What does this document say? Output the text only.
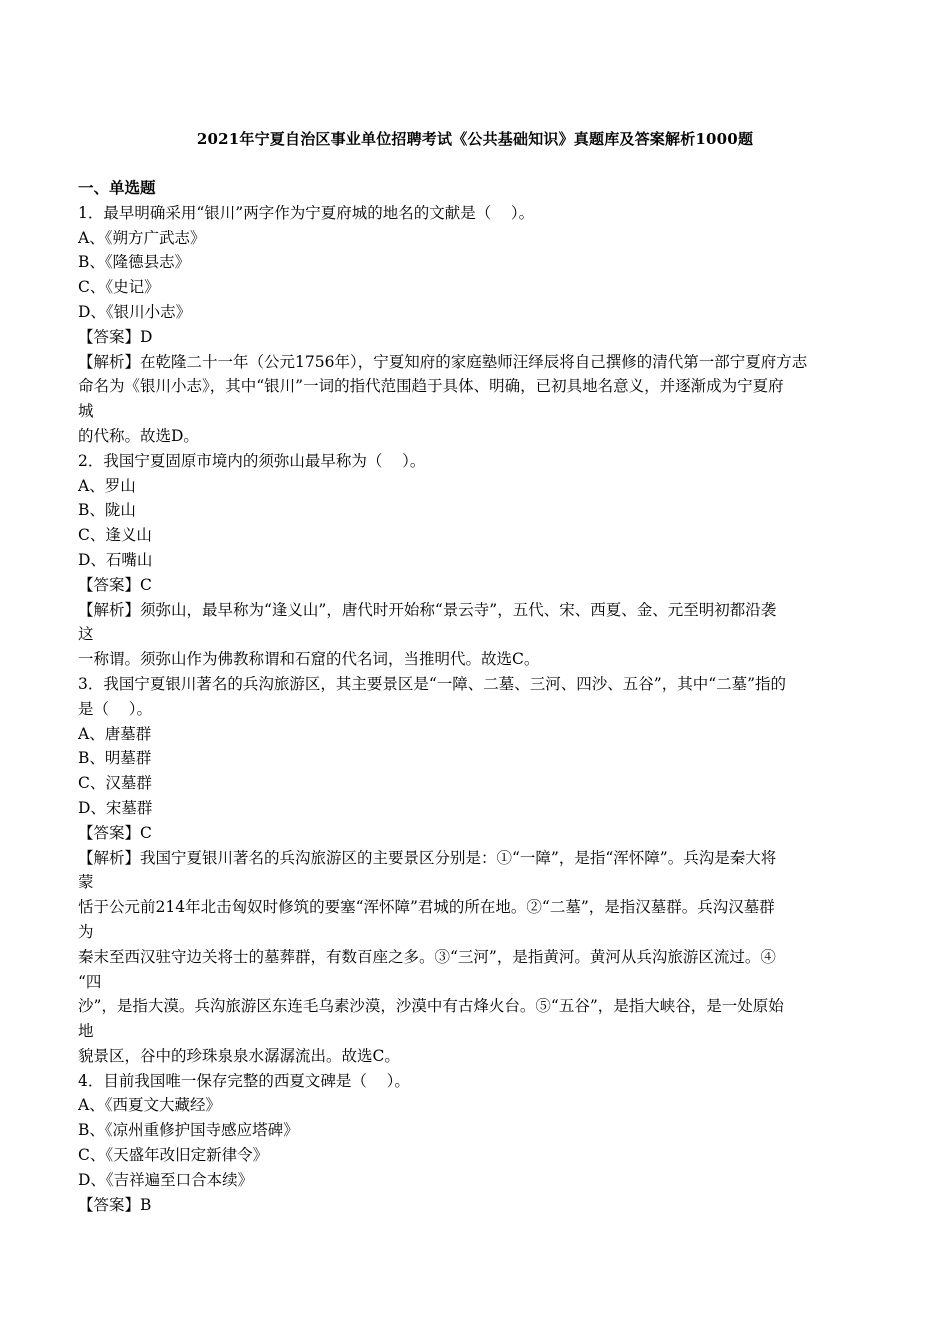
2021年宁夏自治区事业单位招聘考试《公共基础知识》真题库及答案解析1000题
一、单选题
1．最早明确采用“银川”两字作为宁夏府城的地名的文献是（    ）。
A、《朔方广武志》
B、《隆德县志》
C、《史记》
D、《银川小志》
【答案】D
【解析】在乾隆二十一年（公元1756年），宁夏知府的家庭塾师汪绎辰将自己撰修的清代第一部宁夏府方志
命名为《银川小志》，其中“银川”一词的指代范围趋于具体、明确，已初具地名意义，并逐渐成为宁夏府
城
的代称。故选D。
2．我国宁夏固原市境内的须弥山最早称为（    ）。
A、罗山
B、陇山
C、逢义山
D、石嘴山
【答案】C
【解析】须弥山，最早称为“逢义山”，唐代时开始称“景云寺”，五代、宋、西夏、金、元至明初都沿袭
这
一称谓。须弥山作为佛教称谓和石窟的代名词，当推明代。故选C。
3．我国宁夏银川著名的兵沟旅游区，其主要景区是“一障、二墓、三河、四沙、五谷”，其中“二墓”指的
是（    ）。
A、唐墓群
B、明墓群
C、汉墓群
D、宋墓群
【答案】C
【解析】我国宁夏银川著名的兵沟旅游区的主要景区分别是：①“一障”，是指“浑怀障”。兵沟是秦大将
蒙
恬于公元前214年北击匈奴时修筑的要塞“浑怀障”君城的所在地。②“二墓”，是指汉墓群。兵沟汉墓群
为
秦末至西汉驻守边关将士的墓葬群，有数百座之多。③“三河”，是指黄河。黄河从兵沟旅游区流过。④
“四
沙”，是指大漠。兵沟旅游区东连毛乌素沙漠，沙漠中有古烽火台。⑤“五谷”，是指大峡谷，是一处原始
地
貌景区，谷中的珍珠泉泉水潺潺流出。故选C。
4．目前我国唯一保存完整的西夏文碑是（    ）。
A、《西夏文大藏经》
B、《凉州重修护国寺感应塔碑》
C、《天盛年改旧定新律令》
D、《吉祥遍至口合本续》
【答案】B
